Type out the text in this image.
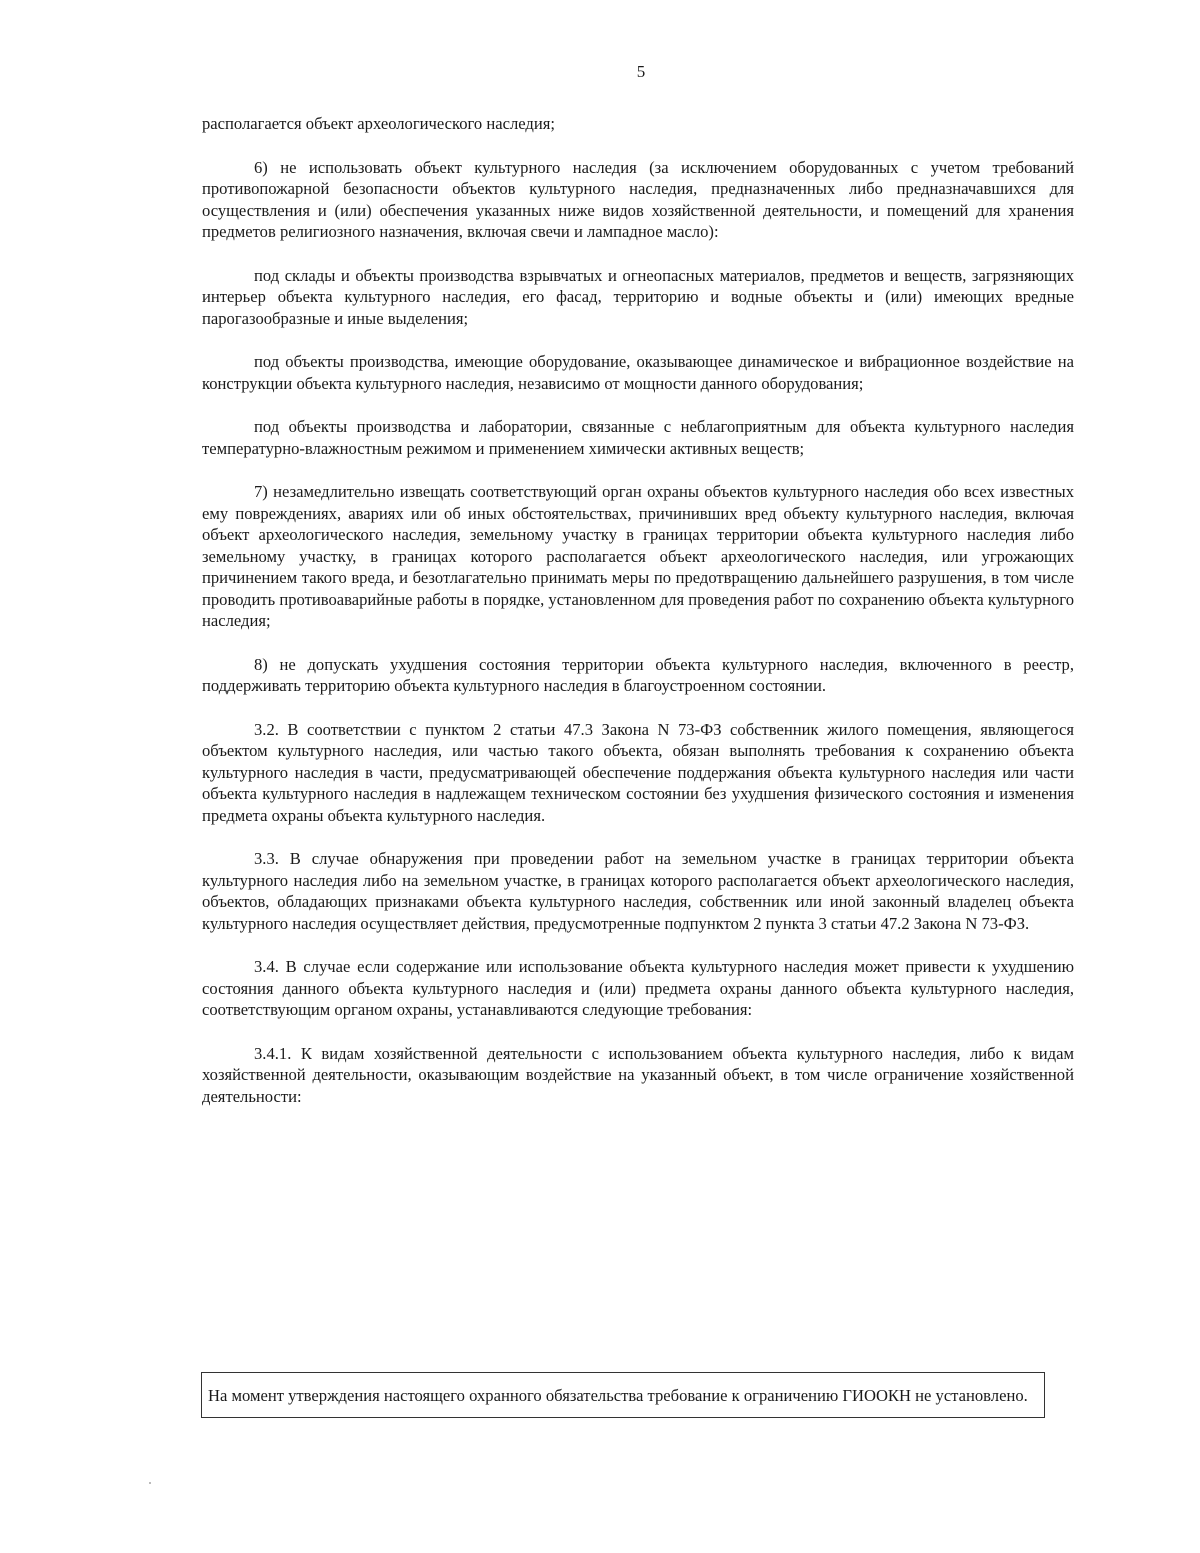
5

располагается объект археологического наследия;

6) не использовать объект культурного наследия (за исключением оборудованных с учетом требований противопожарной безопасности объектов культурного наследия, предназначенных либо предназначавшихся для осуществления и (или) обеспечения указанных ниже видов хозяйственной деятельности, и помещений для хранения предметов религиозного назначения, включая свечи и лампадное масло):

под склады и объекты производства взрывчатых и огнеопасных материалов, предметов и веществ, загрязняющих интерьер объекта культурного наследия, его фасад, территорию и водные объекты и (или) имеющих вредные парогазообразные и иные выделения;

под объекты производства, имеющие оборудование, оказывающее динамическое и вибрационное воздействие на конструкции объекта культурного наследия, независимо от мощности данного оборудования;

под объекты производства и лаборатории, связанные с неблагоприятным для объекта культурного наследия температурно-влажностным режимом и применением химически активных веществ;

7) незамедлительно извещать соответствующий орган охраны объектов культурного наследия обо всех известных ему повреждениях, авариях или об иных обстоятельствах, причинивших вред объекту культурного наследия, включая объект археологического наследия, земельному участку в границах территории объекта культурного наследия либо земельному участку, в границах которого располагается объект археологического наследия, или угрожающих причинением такого вреда, и безотлагательно принимать меры по предотвращению дальнейшего разрушения, в том числе проводить противоаварийные работы в порядке, установленном для проведения работ по сохранению объекта культурного наследия;

8) не допускать ухудшения состояния территории объекта культурного наследия, включенного в реестр, поддерживать территорию объекта культурного наследия в благоустроенном состоянии.

3.2. В соответствии с пунктом 2 статьи 47.3 Закона N 73-ФЗ собственник жилого помещения, являющегося объектом культурного наследия, или частью такого объекта, обязан выполнять требования к сохранению объекта культурного наследия в части, предусматривающей обеспечение поддержания объекта культурного наследия или части объекта культурного наследия в надлежащем техническом состоянии без ухудшения физического состояния и изменения предмета охраны объекта культурного наследия.

3.3. В случае обнаружения при проведении работ на земельном участке в границах территории объекта культурного наследия либо на земельном участке, в границах которого располагается объект археологического наследия, объектов, обладающих признаками объекта культурного наследия, собственник или иной законный владелец объекта культурного наследия осуществляет действия, предусмотренные подпунктом 2 пункта 3 статьи 47.2 Закона N 73-ФЗ.

3.4. В случае если содержание или использование объекта культурного наследия может привести к ухудшению состояния данного объекта культурного наследия и (или) предмета охраны данного объекта культурного наследия, соответствующим органом охраны, устанавливаются следующие требования:

3.4.1. К видам хозяйственной деятельности с использованием объекта культурного наследия, либо к видам хозяйственной деятельности, оказывающим воздействие на указанный объект, в том числе ограничение хозяйственной деятельности:

На момент утверждения настоящего охранного обязательства требование к ограничению ГИООКН не установлено.
